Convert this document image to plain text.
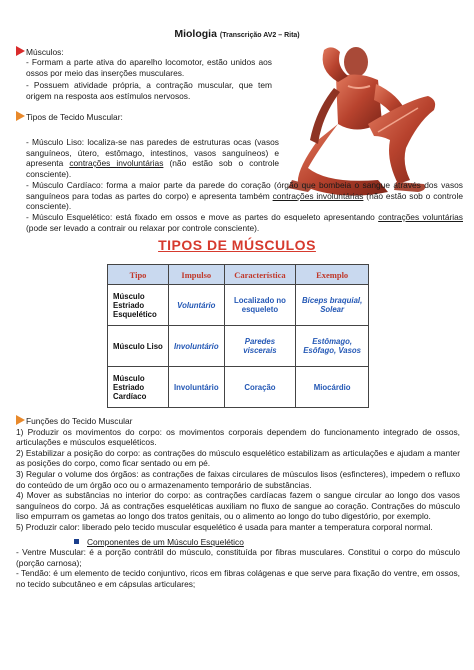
Miologia (Transcrição AV2 – Rita)
Músculos:
- Formam a parte ativa do aparelho locomotor, estão unidos aos ossos por meio das inserções musculares.
- Possuem atividade própria, a contração muscular, que tem origem na resposta aos estímulos nervosos.
Tipos de Tecido Muscular:
- Músculo Liso: localiza-se nas paredes de estruturas ocas (vasos sanguíneos, útero, estômago, intestinos, vasos sanguíneos) e apresenta contrações involuntárias (não estão sob o controle consciente).
- Músculo Cardíaco: forma a maior parte da parede do coração (órgão que bombeia o sangue através dos vasos sanguíneos para todas as partes do corpo) e apresenta também contrações involuntárias (não estão sob o controle consciente).
- Músculo Esquelético: está fixado em ossos e move as partes do esqueleto apresentando contrações voluntárias (pode ser levado a contrair ou relaxar por controle consciente).
TIPOS DE MÚSCULOS
Tipo	Impulso	Característica	Exemplo
Músculo Estriado Esquelético	Voluntário	Localizado no esqueleto	Bíceps braquial, Solear
Músculo Liso	Involuntário	Paredes viscerais	Estômago, Esôfago, Vasos
Músculo Estriado Cardíaco	Involuntário	Coração	Miocárdio

Funções do Tecido Muscular

1) Produzir os movimentos do corpo: os movimentos corporais dependem do funcionamento integrado de ossos, articulações e músculos esqueléticos.

2) Estabilizar a posição do corpo: as contrações do músculo esquelético estabilizam as articulações e ajudam a manter as posições do corpo, como ficar sentado ou em pé.

3) Regular o volume dos órgãos: as contrações de faixas circulares de músculos lisos (esfincteres), impedem o refluxo do conteúdo de um órgão oco ou o armazenamento temporário de substâncias.

4) Mover as substâncias no interior do corpo: as contrações cardíacas fazem o sangue circular ao longo dos vasos sanguíneos do corpo. Já as contrações esqueléticas auxiliam no fluxo de sangue ao coração. Contrações do músculo liso empurram os gametas ao longo dos tratos genitais, ou o alimento ao longo do tubo digestório, por exemplo.

5) Produzir calor: liberado pelo tecido muscular esquelético é usada para manter a temperatura corporal normal.

Componentes de um Músculo Esquelético

- Ventre Muscular: é a porção contrátil do músculo, constituída por fibras musculares. Constitui o corpo do músculo (porção carnosa);

- Tendão: é um elemento de tecido conjuntivo, ricos em fibras colágenas e que serve para fixação do ventre, em ossos, no tecido subcutâneo e em cápsulas articulares;
